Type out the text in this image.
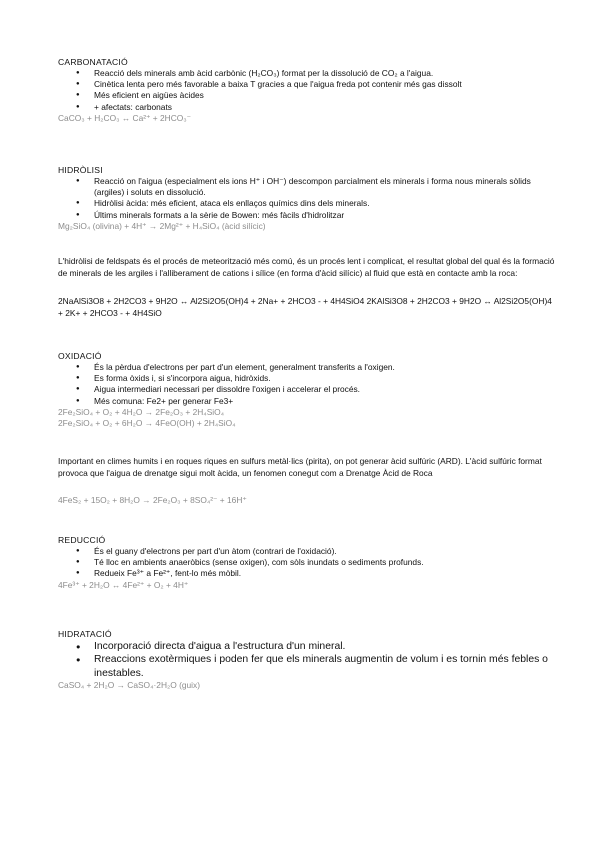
CARBONATACIÓ
● Reacció dels minerals amb àcid carbònic (H₂CO₃) format per la dissolució de CO₂ a l'aigua.
● Cinètica lenta pero més favorable a baixa T gracies a que l'aigua freda pot contenir més gas dissolt
● Més eficient en aigües àcides
● + afectats: carbonats
CaCO₃ + H₂CO₃ ↔ Ca²⁺ + 2HCO₃⁻
HIDRÒLISI
● Reacció on l'aigua (especialment els ions H⁺ i OH⁻) descompon parcialment els minerals i forma nous minerals sòlids (argiles) i soluts en dissolució.
● Hidròlisi àcida: més eficient, ataca els enllaços químics dins dels minerals.
● Últims minerals formats a la sèrie de Bowen: més fàcils d'hidrolitzar
Mg₂SiO₄ (olivina) + 4H⁺ → 2Mg²⁺ + H₄SiO₄ (àcid silícic)
L'hidròlisi de feldspats és el procés de meteorització més comú, és un procés lent i complicat, el resultat global del qual és la formació de minerals de les argiles i l'alliberament de cations i sílice (en forma d'àcid silícic) al fluid que està en contacte amb la roca:
2NaAlSi3O8 + 2H2CO3 + 9H2O ↔ Al2Si2O5(OH)4 + 2Na+ + 2HCO3 - + 4H4SiO4 2KAlSi3O8 + 2H2CO3 + 9H2O ↔ Al2Si2O5(OH)4 + 2K+ + 2HCO3 - + 4H4SiO
OXIDACIÓ
● És la pèrdua d'electrons per part d'un element, generalment transferits a l'oxigen.
● Es forma òxids i, si s'incorpora aigua, hidròxids.
● Aigua intermediari necessari per dissoldre l'oxigen i accelerar el procés.
● Més comuna: Fe2+ per generar Fe3+
2Fe₂SiO₄ + O₂ + 4H₂O → 2Fe₂O₃ + 2H₄SiO₄
2Fe₂SiO₄ + O₂ + 6H₂O → 4FeO(OH) + 2H₄SiO₄
Important en climes humits i en roques riques en sulfurs metàl·lics (pirita), on pot generar àcid sulfúric (ARD). L'àcid sulfúric format provoca que l'aigua de drenatge sigui molt àcida, un fenomen conegut com a Drenatge Àcid de Roca
4FeS₂ + 15O₂ + 8H₂O → 2Fe₂O₃ + 8SO₄²⁻ + 16H⁺
REDUCCIÓ
● És el guany d'electrons per part d'un àtom (contrari de l'oxidació).
● Té lloc en ambients anaeròbics (sense oxigen), com sòls inundats o sediments profunds.
● Redueix Fe³⁺ a Fe²⁺, fent-lo més mòbil.
4Fe³⁺ + 2H₂O ↔ 4Fe²⁺ + O₂ + 4H⁺
HIDRATACIÓ
● Incorporació directa d'aigua a l'estructura d'un mineral.
● Rreaccions exotèrmiques i poden fer que els minerals augmentin de volum i es tornin més febles o inestables.
CaSO₄ + 2H₂O → CaSO₄·2H₂O (guix)
